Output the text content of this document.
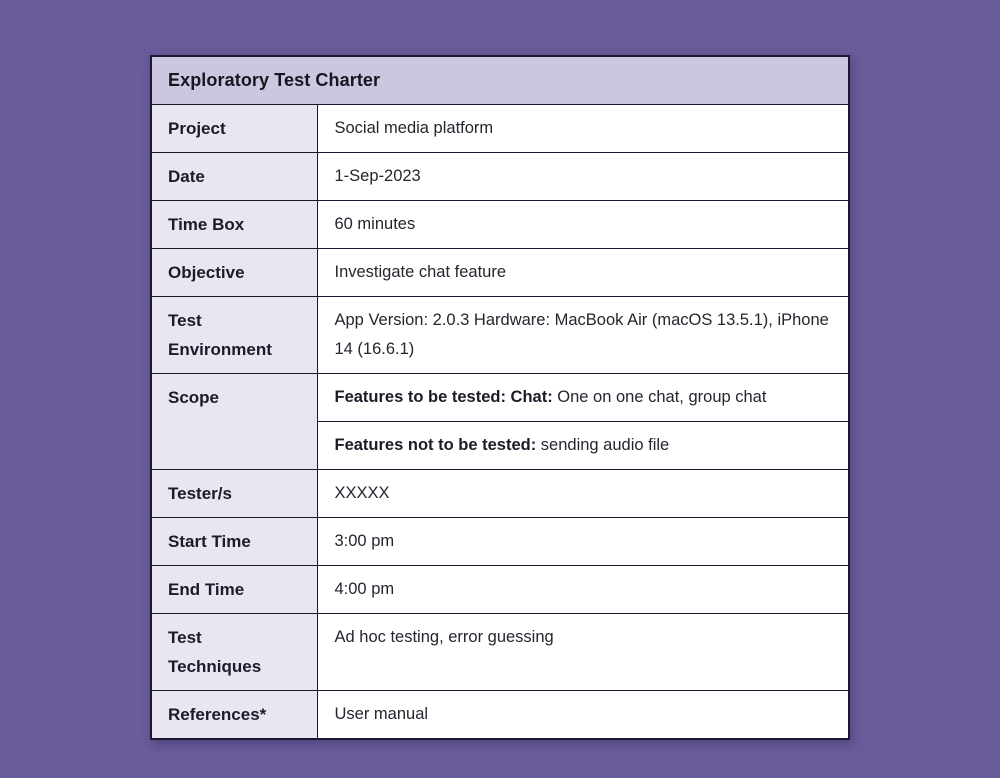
Exploratory Test Charter	
Project	Social media platform
Date	1-Sep-2023
Time Box	60 minutes
Objective	Investigate chat feature
Test Environment	App Version: 2.0.3 Hardware: MacBook Air (macOS 13.5.1), iPhone 14 (16.6.1)
Scope	Features to be tested: Chat: One on one chat, group chat
	Features not to be tested: sending audio file
Tester/s	XXXXX
Start Time	3:00 pm
End Time	4:00 pm
Test Techniques	Ad hoc testing, error guessing
References*	User manual
